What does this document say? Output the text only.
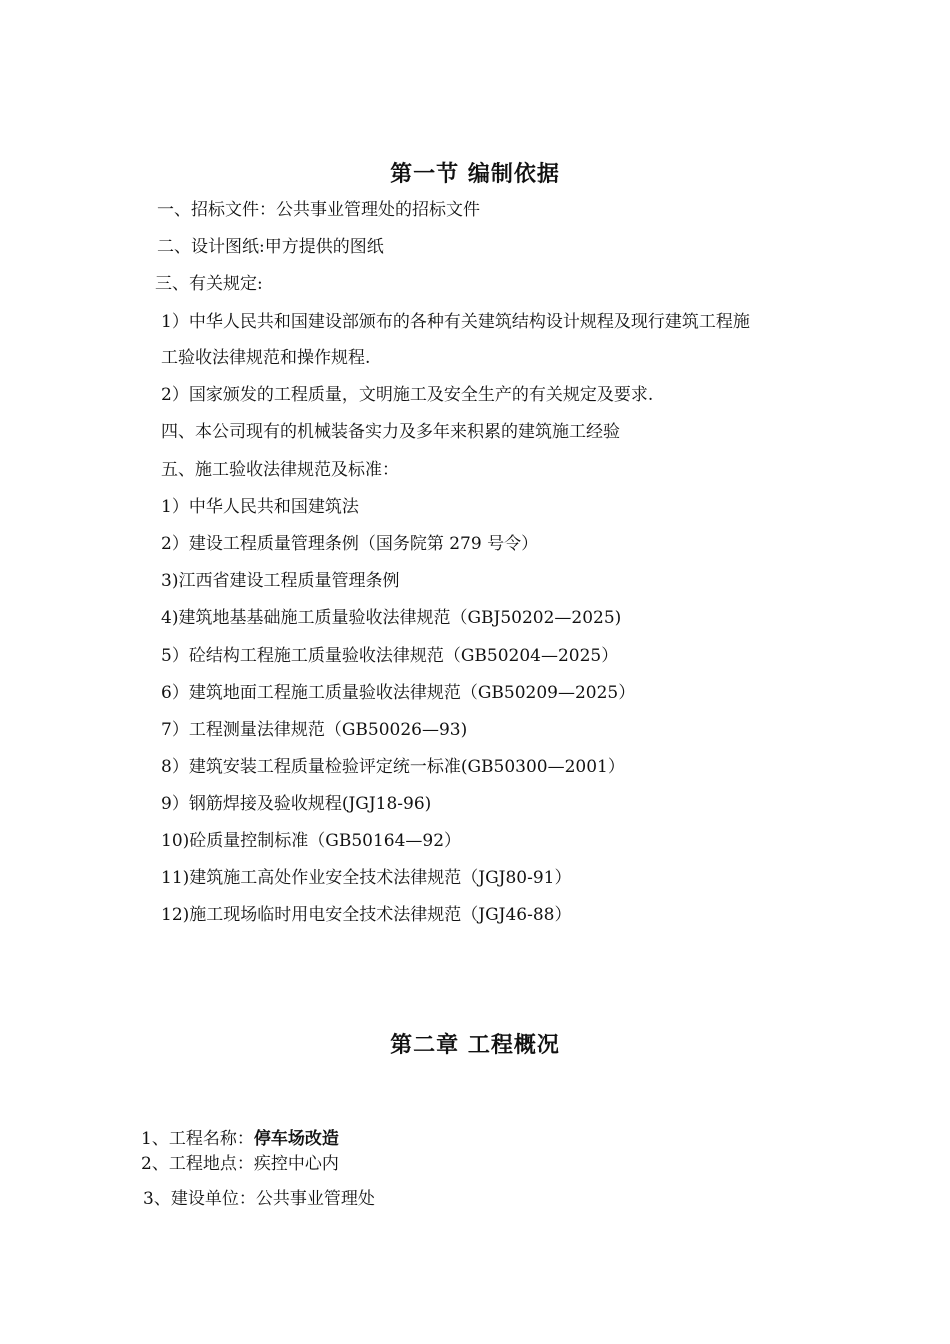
第一节 编制依据
一、招标文件：公共事业管理处的招标文件
二、设计图纸:甲方提供的图纸
三、有关规定:
1）中华人民共和国建设部颁布的各种有关建筑结构设计规程及现行建筑工程施
工验收法律规范和操作规程.
2）国家颁发的工程质量，文明施工及安全生产的有关规定及要求.
四、本公司现有的机械装备实力及多年来积累的建筑施工经验
五、施工验收法律规范及标准：
1）中华人民共和国建筑法
2）建设工程质量管理条例（国务院第 279 号令）
3)江西省建设工程质量管理条例
4)建筑地基基础施工质量验收法律规范（GBJ50202—2025)
5）砼结构工程施工质量验收法律规范（GB50204—2025）
6）建筑地面工程施工质量验收法律规范（GB50209—2025）
7）工程测量法律规范（GB50026—93)
8）建筑安装工程质量检验评定统一标准(GB50300—2001）
9）钢筋焊接及验收规程(JGJ18-96)
10)砼质量控制标准（GB50164—92）
11)建筑施工高处作业安全技术法律规范（JGJ80-91）
12)施工现场临时用电安全技术法律规范（JGJ46-88）
第二章 工程概况
1、工程名称：停车场改造
2、工程地点：疾控中心内
3、建设单位：公共事业管理处
